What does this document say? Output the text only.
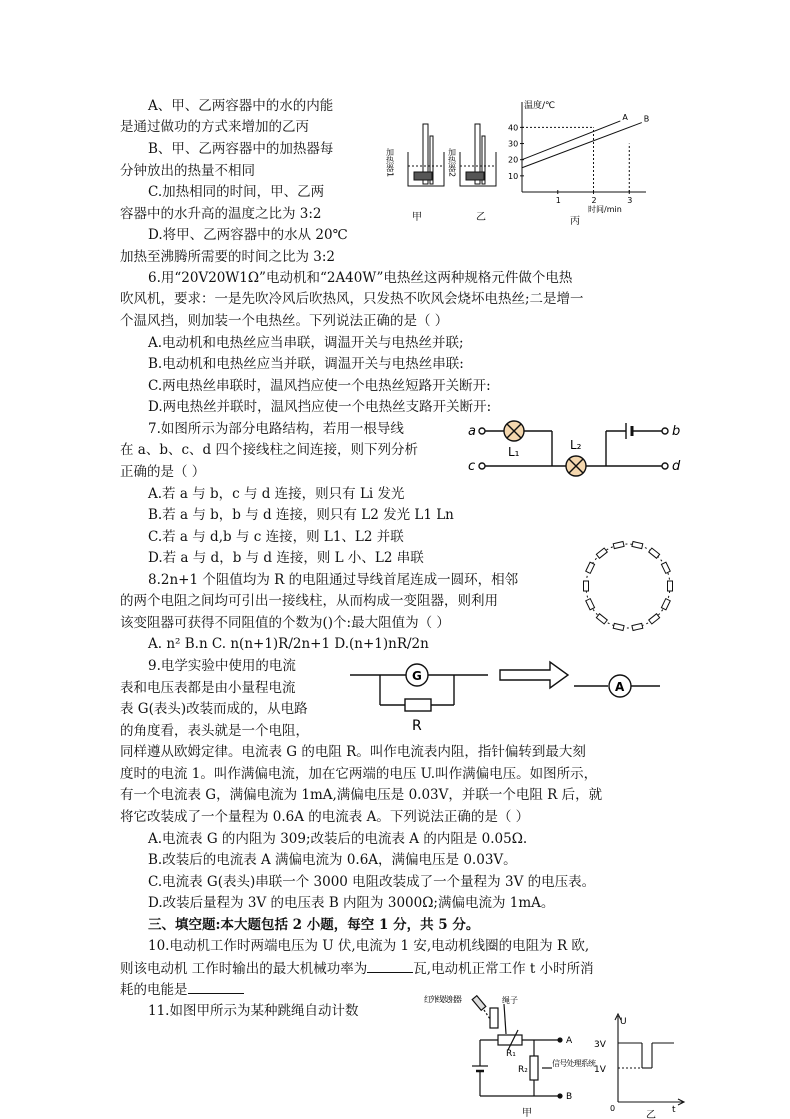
A、甲、乙两容器中的水的内能
是通过做功的方式来增加的乙丙
B、甲、乙两容器中的加热器每
分钟放出的热量不相同
C.加热相同的时间，甲、乙两
容器中的水升高的温度之比为 3:2
D.将甲、乙两容器中的水从 20℃
加热至沸腾所需要的时间之比为 3:2
加热器1	加热器2
甲	乙
10
20
30
40
1	2	3
A B
温度/℃
时间/min
丙
6.用“20V20W1Ω”电动机和“2A40W”电热丝这两种规格元件做个电热
吹风机，要求：一是先吹冷风后吹热风，只发热不吹风会烧坏电热丝;二是增一
个温风挡，则加装一个电热丝。下列说法正确的是（ ）
A.电动机和电热丝应当串联，调温开关与电热丝并联;
B.电动机和电热丝应当并联，调温开关与电热丝串联:
C.两电热丝串联时，温风挡应使一个电热丝短路开关断开:
D.两电热丝并联时，温风挡应使一个电热丝支路开关断开:
7.如图所示为部分电路结构，若用一根导线
在 a、b、c、d 四个接线柱之间连接，则下列分析
正确的是（ ）
A.若 a 与 b，c 与 d 连接，则只有 Li 发光
B.若 a 与 b，b 与 d 连接，则只有 L2 发光 L1 Ln
C.若 a 与 d,b 与 c 连接，则 L1、L2 并联
D.若 a 与 d，b 与 d 连接，则 L 小、L2 串联
a
c
b
d
L₁	L₂
8.2n+1 个阻值均为 R 的电阻通过导线首尾连成一圆环，相邻
的两个电阻之间均可引出一接线柱，从而构成一变阻器，则利用
该变阻器可获得不同阻值的个数为()个:最大阻值为（ ）
A. n² B.n C. n(n+1)R/2n+1 D.(n+1)nR/2n
9.电学实验中使用的电流
表和电压表都是由小量程电流
表 G(表头)改装而成的，从电路
的角度看，表头就是一个电阻，
同样遵从欧姆定律。电流表 G 的电阻 R。叫作电流表内阻，指针偏转到最大刻
度时的电流 1。叫作满偏电流，加在它两端的电压 U.叫作满偏电压。如图所示，
有一个电流表 G，满偏电流为 1mA,满偏电压是 0.03V，并联一个电阻 R 后，就
将它改装成了一个量程为 0.6A 的电流表 A。下列说法正确的是（ ）
A.电流表 G 的内阻为 309;改装后的电流表 A 的内阻是 0.05Ω.
B.改装后的电流表 A 满偏电流为 0.6A，满偏电压是 0.03V。
C.电流表 G(表头)串联一个 3000 电阻改装成了一个量程为 3V 的电压表。
D.改装后量程为 3V 的电压表 B 内阻为 3000Ω;满偏电流为 1mA。
G
R
A
三、填空题:本大题包括 2 小题，每空 1 分，共 5 分。
10.电动机工作时两端电压为 U 伏,电流为 1 安,电动机线圈的电阻为 R 欧,
则该电动机 工作时输出的最大机械功率为	瓦,电动机正常工作 t 小时所消
耗的电能是
11.如图甲所示为某种跳绳自动计数
红外线发射器	绳子
R₁
R₂
信号处理系统
A
B
甲
U
3V
1V
0	t
乙
